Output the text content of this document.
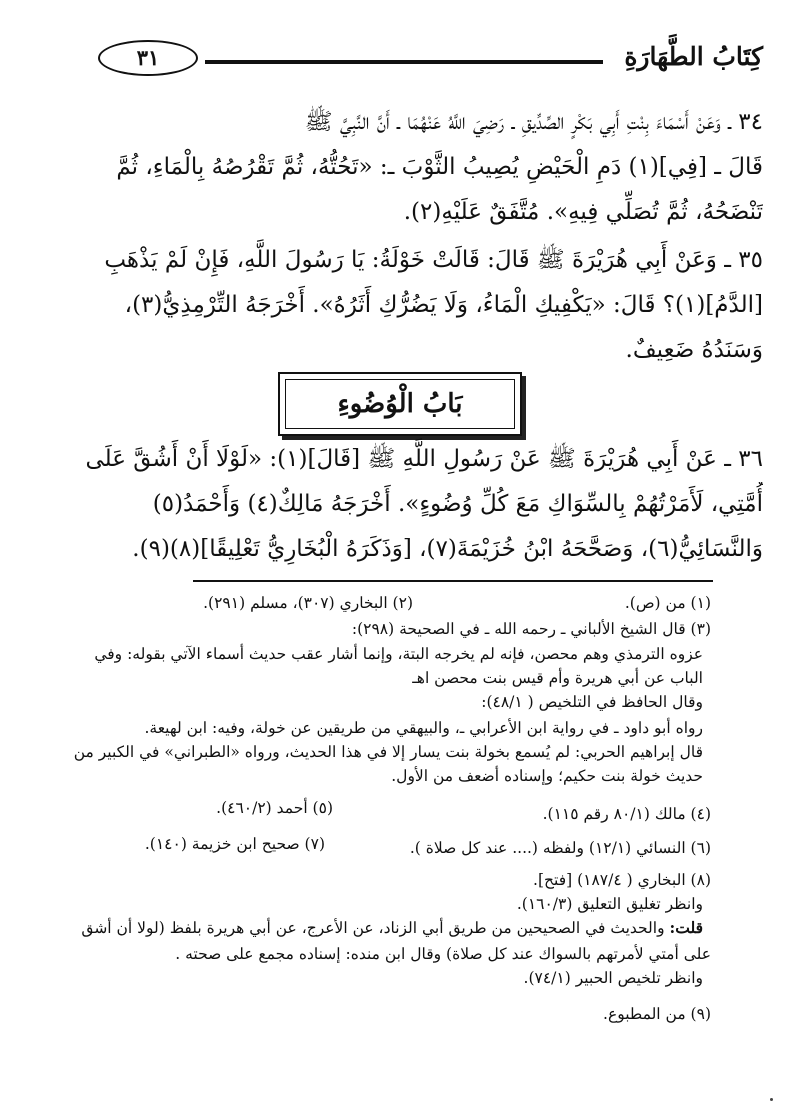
كِتَابُ الطَّهَارَةِ
٣١
٣٤ ـ وَعَنْ أَسْمَاءَ بِنْتِ أَبِي بَكْرٍ الصِّدِّيقِ ـ رَضِيَ اللَّهُ عَنْهُمَا ـ أَنَّ النَّبِيَّ ﷺ
قَالَ ـ [فِي](١) دَمِ الْحَيْضِ يُصِيبُ الثَّوْبَ ـ: «تَحُتُّهُ، ثُمَّ تَقْرُصُهُ بِالْمَاءِ، ثُمَّ
تَنْضَحُهُ، ثُمَّ تُصَلِّي فِيهِ». مُتَّفَقٌ عَلَيْهِ(٢).
٣٥ ـ وَعَنْ أَبِي هُرَيْرَةَ ﷺ قَالَ: قَالَتْ خَوْلَةُ: يَا رَسُولَ اللَّهِ، فَإِنْ لَمْ يَذْهَبِ
[الدَّمُ](١)؟ قَالَ: «يَكْفِيكِ الْمَاءُ، وَلَا يَضُرُّكِ أَثَرُهُ». أَخْرَجَهُ التِّرْمِذِيُّ(٣)،
وَسَنَدُهُ ضَعِيفٌ.
بَابُ الْوُضُوءِ
٣٦ ـ عَنْ أَبِي هُرَيْرَةَ ﷺ عَنْ رَسُولِ اللَّهِ ﷺ [قَالَ](١): «لَوْلَا أَنْ أَشُقَّ عَلَى
أُمَّتِي، لَأَمَرْتُهُمْ بِالسِّوَاكِ مَعَ كُلِّ وُضُوءٍ». أَخْرَجَهُ مَالِكٌ(٤) وَأَحْمَدُ(٥)
وَالنَّسَائِيُّ(٦)، وَصَحَّحَهُ ابْنُ خُزَيْمَةَ(٧)، [وَذَكَرَهُ الْبُخَارِيُّ تَعْلِيقًا](٨)(٩).
(١) من (ص).
(٢) البخاري (٣٠٧)، مسلم (٢٩١).
(٣) قال الشيخ الألباني ـ رحمه الله ـ في الصحيحة (٢٩٨):
عزوه الترمذي وهم محصن، فإنه لم يخرجه البتة، وإنما أشار عقب حديث أسماء الآتي بقوله: وفي
الباب عن أبي هريرة وأم قيس بنت محصن اهـ
وقال الحافظ في التلخيص ( ٤٨/١):
رواه أبو داود ـ في رواية ابن الأعرابي ـ، والبيهقي من طريقين عن خولة، وفيه: ابن لهيعة.
قال إبراهيم الحربي: لم يُسمع بخولة بنت يسار إلا في هذا الحديث، ورواه «الطبراني» في الكبير من
حديث خولة بنت حكيم؛ وإسناده أضعف من الأول.
(٤) مالك (٨٠/١ رقم ١١٥).
(٥) أحمد (٤٦٠/٢).
(٦) النسائي (١٢/١) ولفظه (.... عند كل صلاة ).
(٧) صحيح ابن خزيمة (١٤٠).
(٨) البخاري ( ١٨٧/٤) [فتح].
وانظر تغليق التعليق (١٦٠/٣).
قلت: والحديث في الصحيحين من طريق أبي الزناد، عن الأعرج، عن أبي هريرة بلفظ (لولا أن أشق
على أمتي لأمرتهم بالسواك عند كل صلاة) وقال ابن منده: إسناده مجمع على صحته .
وانظر تلخيص الحبير (٧٤/١).
(٩) من المطبوع.
